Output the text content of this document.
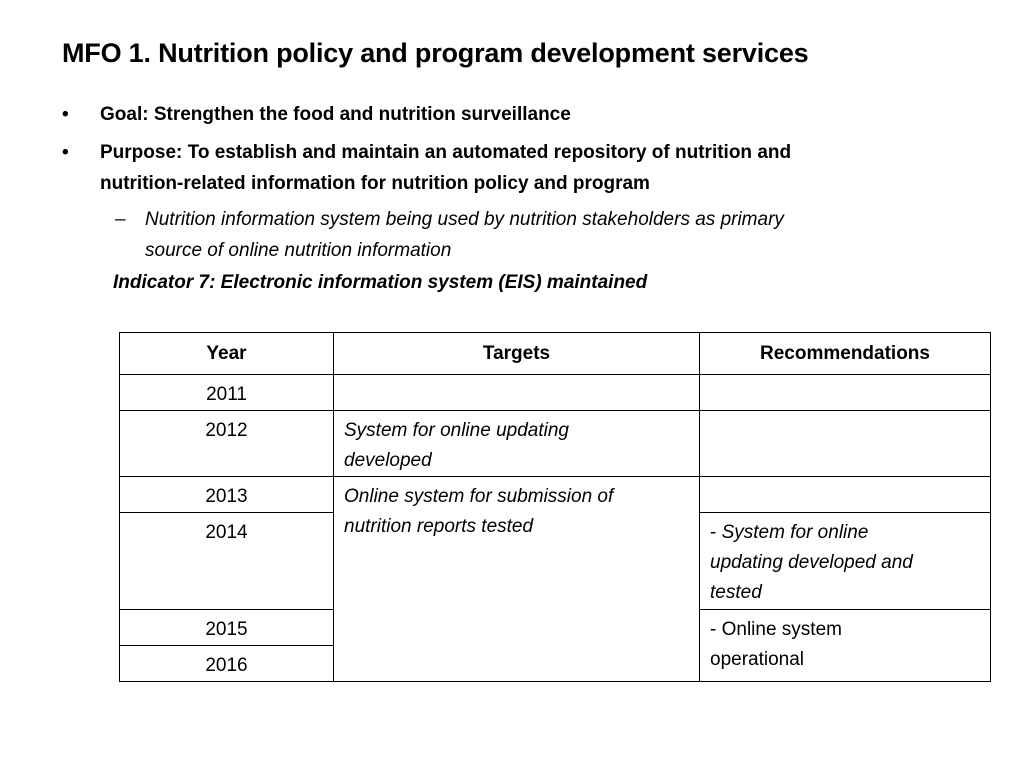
MFO 1. Nutrition policy and program development services
• Goal: Strengthen the food and nutrition surveillance
• Purpose: To establish and maintain an automated repository of nutrition and
nutrition-related information for nutrition policy and program
– Nutrition information system being used by nutrition stakeholders as primary
source of online nutrition information
Indicator 7: Electronic information system (EIS) maintained
Year	Targets	Recommendations
2011		
2012	System for online updating
developed	

2013	Online system for submission of
nutrition reports tested	

2014		- System for online
updating developed and
tested

2015		- Online system
operational

2016		
